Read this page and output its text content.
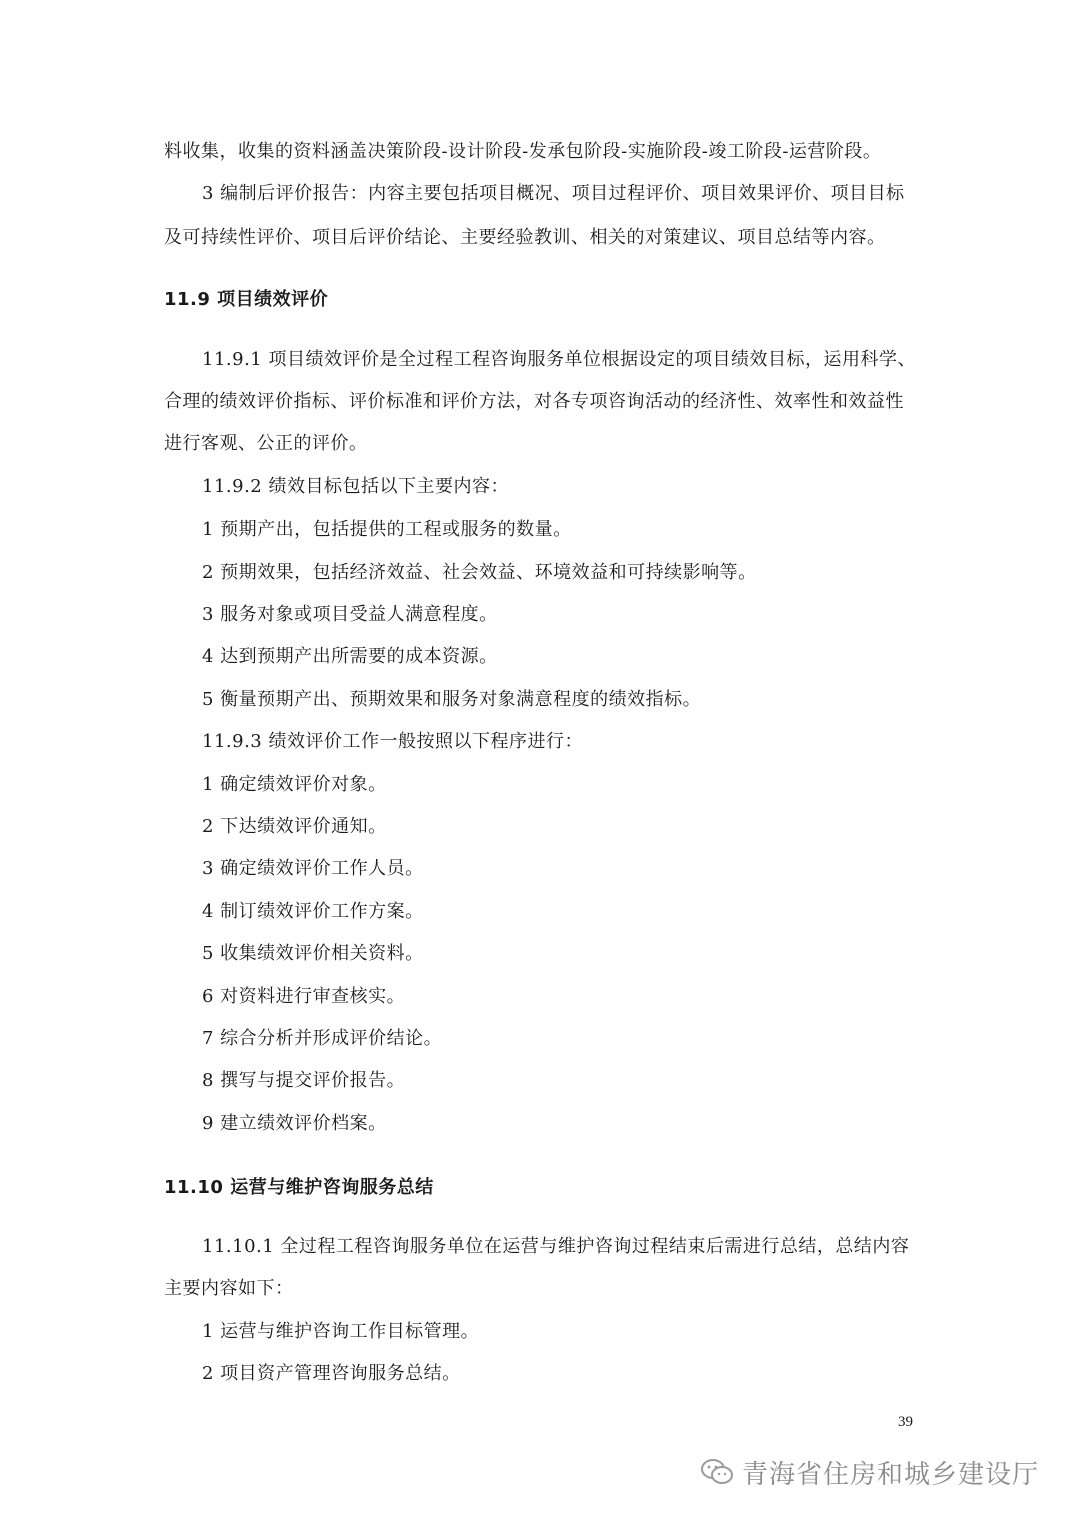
料收集，收集的资料涵盖决策阶段-设计阶段-发承包阶段-实施阶段-竣工阶段-运营阶段。
3 编制后评价报告：内容主要包括项目概况、项目过程评价、项目效果评价、项目目标
及可持续性评价、项目后评价结论、主要经验教训、相关的对策建议、项目总结等内容。
11.9 项目绩效评价
11.9.1 项目绩效评价是全过程工程咨询服务单位根据设定的项目绩效目标，运用科学、
合理的绩效评价指标、评价标准和评价方法，对各专项咨询活动的经济性、效率性和效益性
进行客观、公正的评价。
11.9.2 绩效目标包括以下主要内容：
1 预期产出，包括提供的工程或服务的数量。
2 预期效果，包括经济效益、社会效益、环境效益和可持续影响等。
3 服务对象或项目受益人满意程度。
4 达到预期产出所需要的成本资源。
5 衡量预期产出、预期效果和服务对象满意程度的绩效指标。
11.9.3 绩效评价工作一般按照以下程序进行：
1 确定绩效评价对象。
2 下达绩效评价通知。
3 确定绩效评价工作人员。
4 制订绩效评价工作方案。
5 收集绩效评价相关资料。
6 对资料进行审查核实。
7 综合分析并形成评价结论。
8 撰写与提交评价报告。
9 建立绩效评价档案。
11.10 运营与维护咨询服务总结
11.10.1 全过程工程咨询服务单位在运营与维护咨询过程结束后需进行总结，总结内容
主要内容如下：
1 运营与维护咨询工作目标管理。
2 项目资产管理咨询服务总结。
39
青海省住房和城乡建设厅
